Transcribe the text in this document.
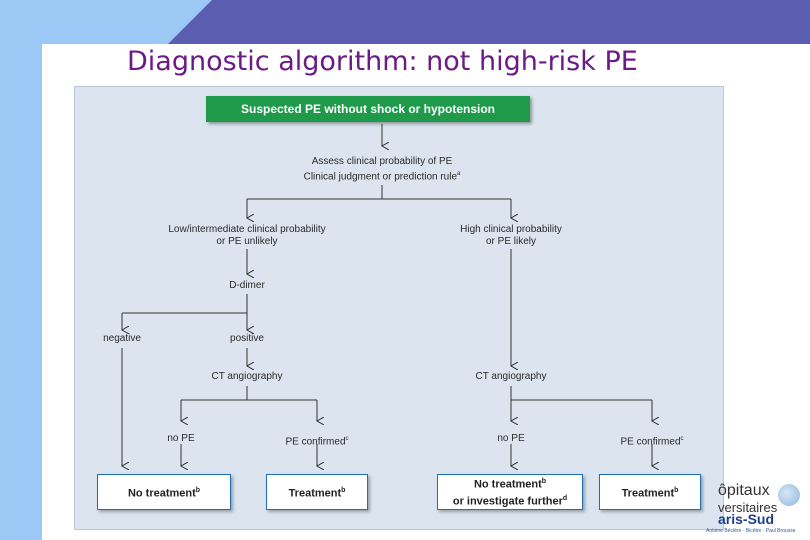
Diagnostic algorithm: not high-risk PE
Suspected PE without shock or hypotension
Assess clinical probability of PE
Clinical judgment or prediction rule$^a$
Low/intermediate clinical probability
or PE unlikely
High clinical probability
or PE likely
D-dimer
negative	positive
CT angiography	CT angiography
no PE	PE confirmed$^c$	no PE	PE confirmed$^c$
No treatment$^b$	Treatment$^b$	No treatment$^b$
or investigate further$^d$	Treatment$^b$ ôpitaux
versitaires
aris-Sud
Antoine Béclère · Bicêtre · Paul Brousse
